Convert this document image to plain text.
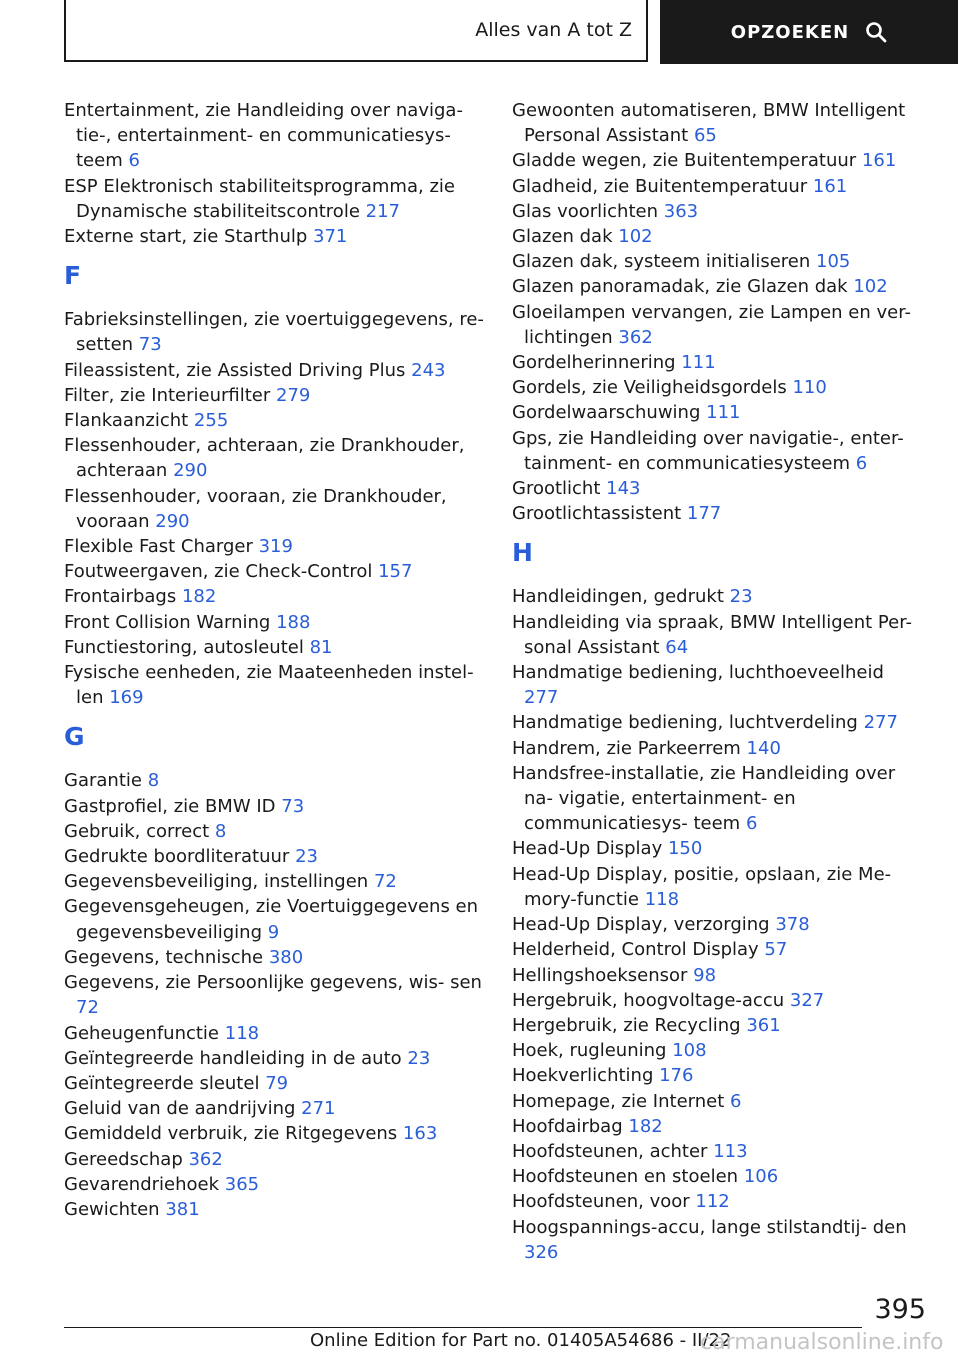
Alles van A tot Z	OPZOEKEN
Entertainment, zie Handleiding over naviga- tie-, entertainment- en communicatiesys- teem 6
ESP Elektronisch stabiliteitsprogramma, zie Dynamische stabiliteitscontrole 217
Externe start, zie Starthulp 371
F
Fabrieksinstellingen, zie voertuiggegevens, re- setten 73
Fileassistent, zie Assisted Driving Plus 243
Filter, zie Interieurfilter 279
Flankaanzicht 255
Flessenhouder, achteraan, zie Drankhouder, achteraan 290
Flessenhouder, vooraan, zie Drankhouder, vooraan 290
Flexible Fast Charger 319
Foutweergaven, zie Check-Control 157
Frontairbags 182
Front Collision Warning 188
Functiestoring, autosleutel 81
Fysische eenheden, zie Maateenheden instel- len 169
G
Garantie 8
Gastprofiel, zie BMW ID 73
Gebruik, correct 8
Gedrukte boordliteratuur 23
Gegevensbeveiliging, instellingen 72
Gegevensgeheugen, zie Voertuiggegevens en gegevensbeveiliging 9
Gegevens, technische 380
Gegevens, zie Persoonlijke gegevens, wis- sen 72
Geheugenfunctie 118
Geïntegreerde handleiding in de auto 23
Geïntegreerde sleutel 79
Geluid van de aandrijving 271
Gemiddeld verbruik, zie Ritgegevens 163
Gereedschap 362
Gevarendriehoek 365
Gewichten 381
Gewoonten automatiseren, BMW Intelligent Personal Assistant 65
Gladde wegen, zie Buitentemperatuur 161
Gladheid, zie Buitentemperatuur 161
Glas voorlichten 363
Glazen dak 102
Glazen dak, systeem initialiseren 105
Glazen panoramadak, zie Glazen dak 102
Gloeilampen vervangen, zie Lampen en ver- lichtingen 362
Gordelherinnering 111
Gordels, zie Veiligheidsgordels 110
Gordelwaarschuwing 111
Gps, zie Handleiding over navigatie-, enter- tainment- en communicatiesysteem 6
Grootlicht 143
Grootlichtassistent 177
H
Handleidingen, gedrukt 23
Handleiding via spraak, BMW Intelligent Per- sonal Assistant 64
Handmatige bediening, luchthoeveelheid 277
Handmatige bediening, luchtverdeling 277
Handrem, zie Parkeerrem 140
Handsfree-installatie, zie Handleiding over na- vigatie, entertainment- en communicatiesys- teem 6
Head-Up Display 150
Head-Up Display, positie, opslaan, zie Me- mory-functie 118
Head-Up Display, verzorging 378
Helderheid, Control Display 57
Hellingshoeksensor 98
Hergebruik, hoogvoltage-accu 327
Hergebruik, zie Recycling 361
Hoek, rugleuning 108
Hoekverlichting 176
Homepage, zie Internet 6
Hoofdairbag 182
Hoofdsteunen, achter 113
Hoofdsteunen en stoelen 106
Hoofdsteunen, voor 112
Hoogspannings-accu, lange stilstandtij- den 326
395
Online Edition for Part no. 01405A54686 - II/22
carmanualsonline.info
